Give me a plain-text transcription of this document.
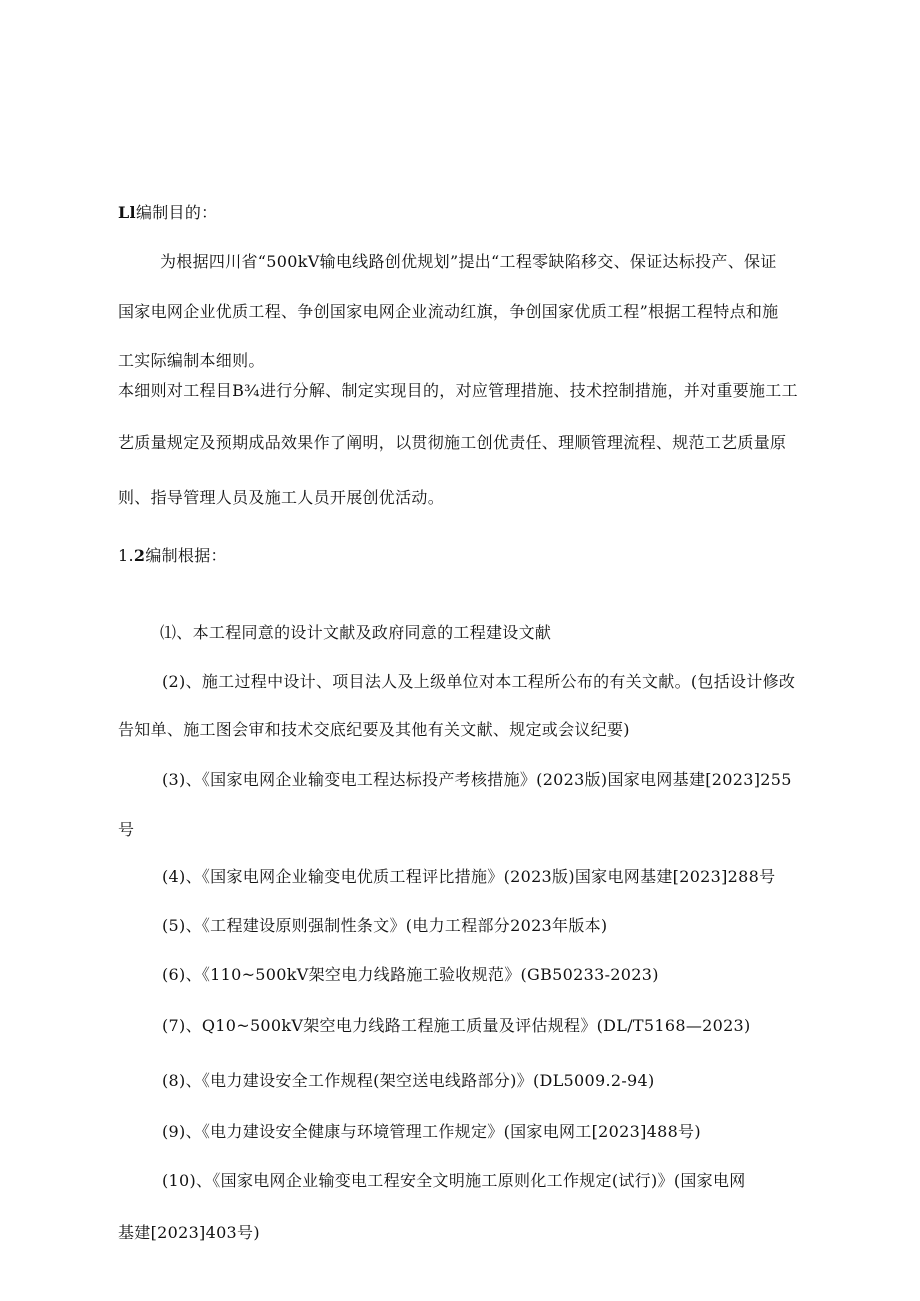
Ll编制目的：
为根据四川省“500kV输电线路创优规划”提出“工程零缺陷移交、保证达标投产、保证
国家电网企业优质工程、争创国家电网企业流动红旗，争创国家优质工程”根据工程特点和施
工实际编制本细则。
本细则对工程目B¾进行分解、制定实现目的，对应管理措施、技术控制措施，并对重要施工工
艺质量规定及预期成品效果作了阐明，以贯彻施工创优责任、理顺管理流程、规范工艺质量原
则、指导管理人员及施工人员开展创优活动。
1.2编制根据：
⑴、本工程同意的设计文献及政府同意的工程建设文献
(2)、施工过程中设计、项目法人及上级单位对本工程所公布的有关文献。(包括设计修改
告知单、施工图会审和技术交底纪要及其他有关文献、规定或会议纪要)
(3)、《国家电网企业输变电工程达标投产考核措施》(2023版)国家电网基建[2023]255
号
(4)、《国家电网企业输变电优质工程评比措施》(2023版)国家电网基建[2023]288号
(5)、《工程建设原则强制性条文》(电力工程部分2023年版本)
(6)、《110~500kV架空电力线路施工验收规范》(GB50233-2023)
(7)、Q10~500kV架空电力线路工程施工质量及评估规程》(DL/T5168—2023)
(8)、《电力建设安全工作规程(架空送电线路部分)》(DL5009.2-94)
(9)、《电力建设安全健康与环境管理工作规定》(国家电网工[2023]488号)
(10)、《国家电网企业输变电工程安全文明施工原则化工作规定(试行)》(国家电网
基建[2023]403号)
